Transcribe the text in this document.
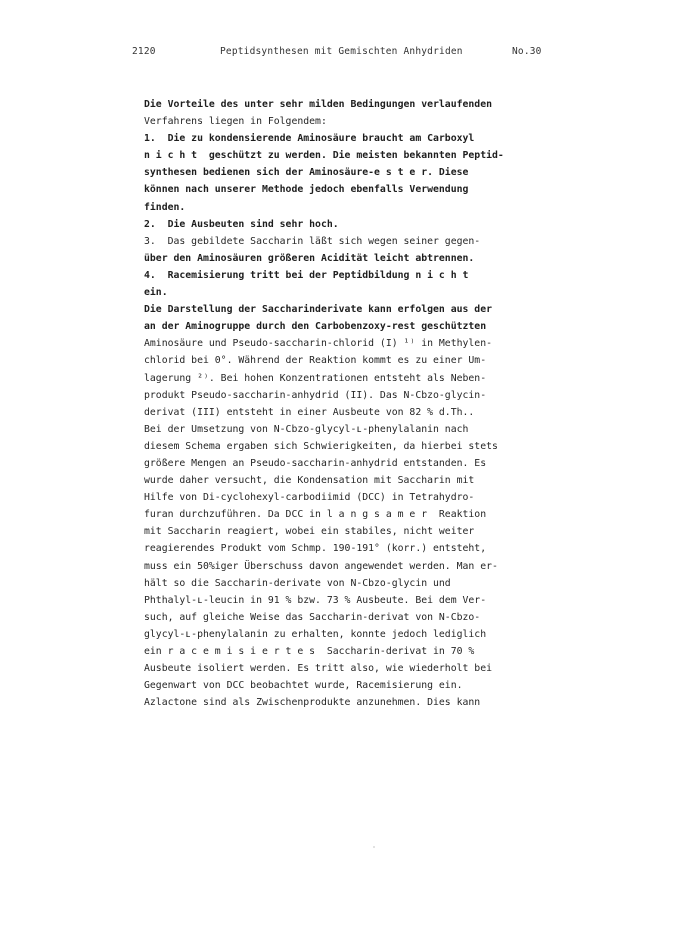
2120	Peptidsynthesen mit Gemischten Anhydriden	No.30
Die Vorteile des unter sehr milden Bedingungen verlaufenden
Verfahrens liegen in Folgendem:
1.  Die zu kondensierende Aminosäure braucht am Carboxyl
n i c h t  geschützt zu werden. Die meisten bekannten Peptid-
synthesen bedienen sich der Aminosäure-e s t e r. Diese
können nach unserer Methode jedoch ebenfalls Verwendung
finden.
2.  Die Ausbeuten sind sehr hoch.
3.  Das gebildete Saccharin läßt sich wegen seiner gegen-
über den Aminosäuren größeren Acidität leicht abtrennen.
4.  Racemisierung tritt bei der Peptidbildung n i c h t
ein.
Die Darstellung der Saccharinderivate kann erfolgen aus der
an der Aminogruppe durch den Carbobenzoxy-rest geschützten
Aminosäure und Pseudo-saccharin-chlorid (I) ¹⁾ in Methylen-
chlorid bei 0°. Während der Reaktion kommt es zu einer Um-
lagerung ²⁾. Bei hohen Konzentrationen entsteht als Neben-
produkt Pseudo-saccharin-anhydrid (II). Das N-Cbzo-glycin-
derivat (III) entsteht in einer Ausbeute von 82 % d.Th..
Bei der Umsetzung von N-Cbzo-glycyl-ʟ-phenylalanin nach
diesem Schema ergaben sich Schwierigkeiten, da hierbei stets
größere Mengen an Pseudo-saccharin-anhydrid entstanden. Es
wurde daher versucht, die Kondensation mit Saccharin mit
Hilfe von Di-cyclohexyl-carbodiimid (DCC) in Tetrahydro-
furan durchzuführen. Da DCC in l a n g s a m e r  Reaktion
mit Saccharin reagiert, wobei ein stabiles, nicht weiter
reagierendes Produkt vom Schmp. 190-191° (korr.) entsteht,
muss ein 50%iger Überschuss davon angewendet werden. Man er-
hält so die Saccharin-derivate von N-Cbzo-glycin und
Phthalyl-ʟ-leucin in 91 % bzw. 73 % Ausbeute. Bei dem Ver-
such, auf gleiche Weise das Saccharin-derivat von N-Cbzo-
glycyl-ʟ-phenylalanin zu erhalten, konnte jedoch lediglich
ein r a c e m i s i e r t e s  Saccharin-derivat in 70 %
Ausbeute isoliert werden. Es tritt also, wie wiederholt bei
Gegenwart von DCC beobachtet wurde, Racemisierung ein.
Azlactone sind als Zwischenprodukte anzunehmen. Dies kann
